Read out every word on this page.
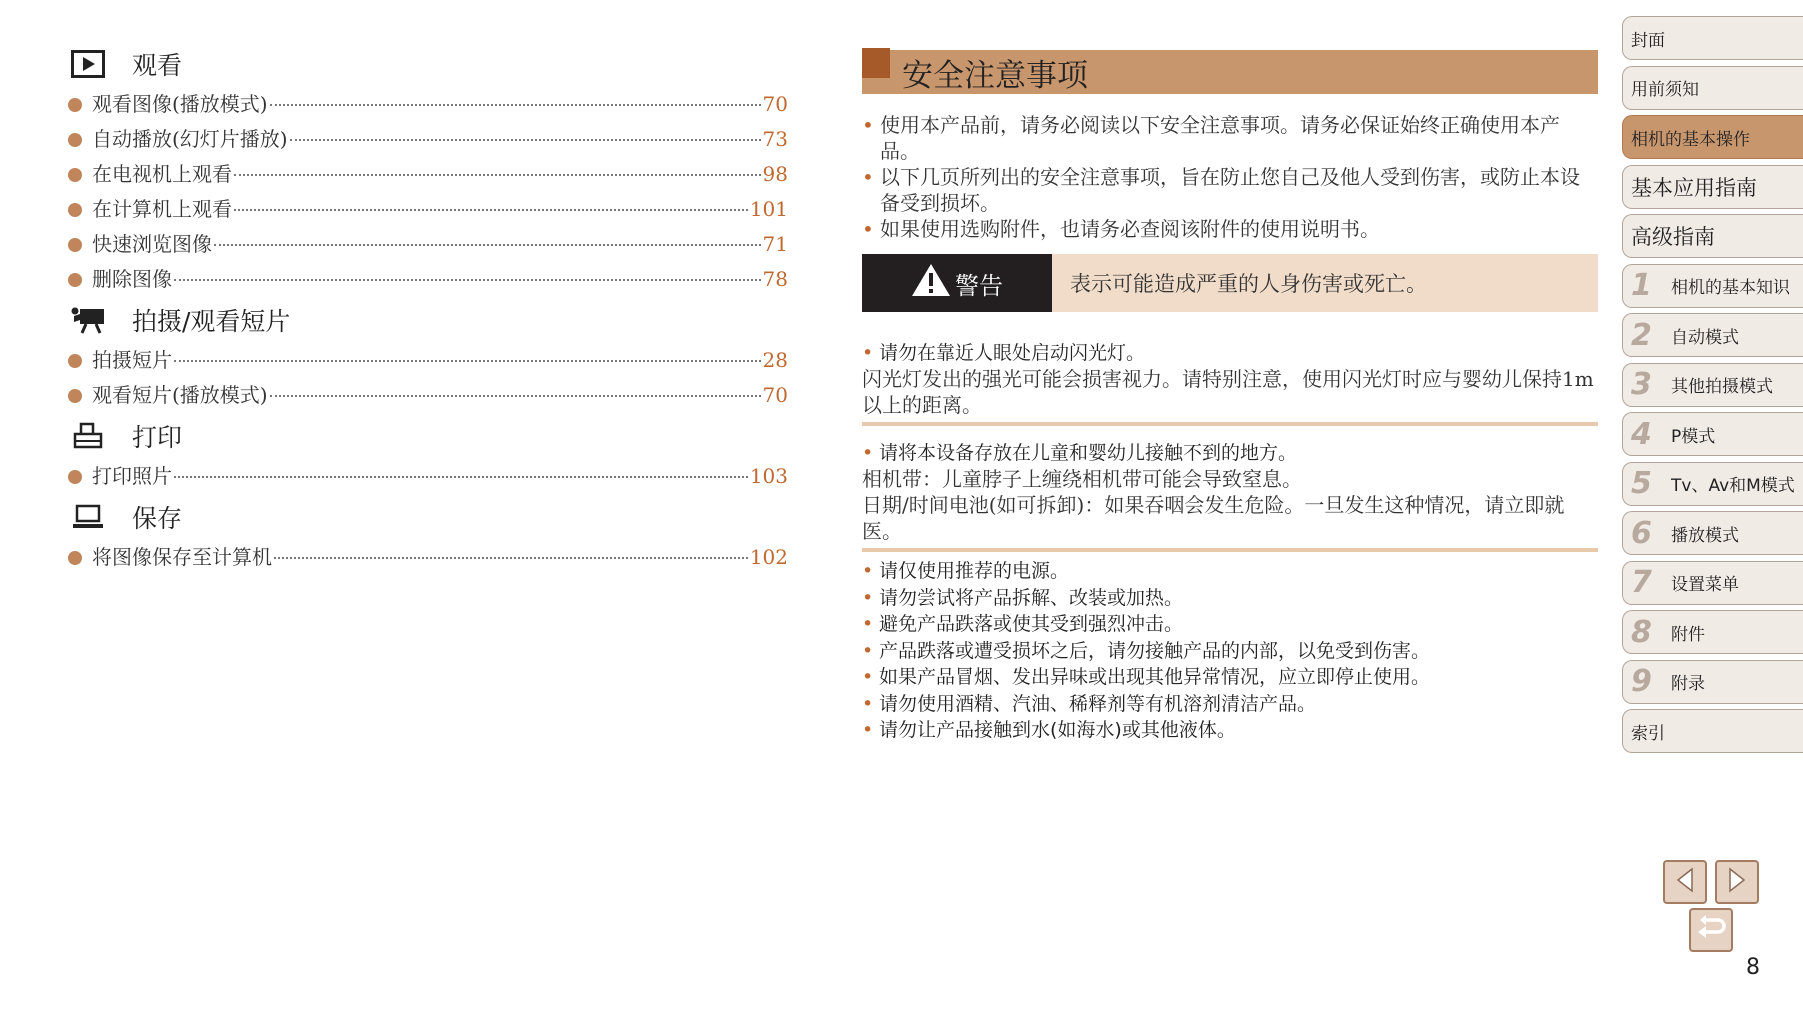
观看
观看图像(播放模式)	70
自动播放(幻灯片播放)	73
在电视机上观看	98
在计算机上观看	101
快速浏览图像	71
删除图像	78
拍摄/观看短片
拍摄短片	28
观看短片(播放模式)	70
打印
打印照片	103
保存
将图像保存至计算机	102
安全注意事项
• 使用本产品前，请务必阅读以下安全注意事项。请务必保证始终正确使用本产品。
• 以下几页所列出的安全注意事项，旨在防止您自己及他人受到伤害，或防止本设备受到损坏。
• 如果使用选购附件，也请务必查阅该附件的使用说明书。
警告	表示可能造成严重的人身伤害或死亡。
• 请勿在靠近人眼处启动闪光灯。
闪光灯发出的强光可能会损害视力。请特别注意，使用闪光灯时应与婴幼儿保持1m以上的距离。
• 请将本设备存放在儿童和婴幼儿接触不到的地方。
相机带：儿童脖子上缠绕相机带可能会导致窒息。
日期/时间电池(如可拆卸)：如果吞咽会发生危险。一旦发生这种情况，请立即就医。
• 请仅使用推荐的电源。
• 请勿尝试将产品拆解、改装或加热。
• 避免产品跌落或使其受到强烈冲击。
• 产品跌落或遭受损坏之后，请勿接触产品的内部，以免受到伤害。
• 如果产品冒烟、发出异味或出现其他异常情况，应立即停止使用。
• 请勿使用酒精、汽油、稀释剂等有机溶剂清洁产品。
• 请勿让产品接触到水(如海水)或其他液体。
封面
用前须知
相机的基本操作
基本应用指南
高级指南
1	相机的基本知识
2	自动模式
3	其他拍摄模式
4	P模式
5	Tv、Av和M模式
6	播放模式
7	设置菜单
8	附件
9	附录
索引
8
